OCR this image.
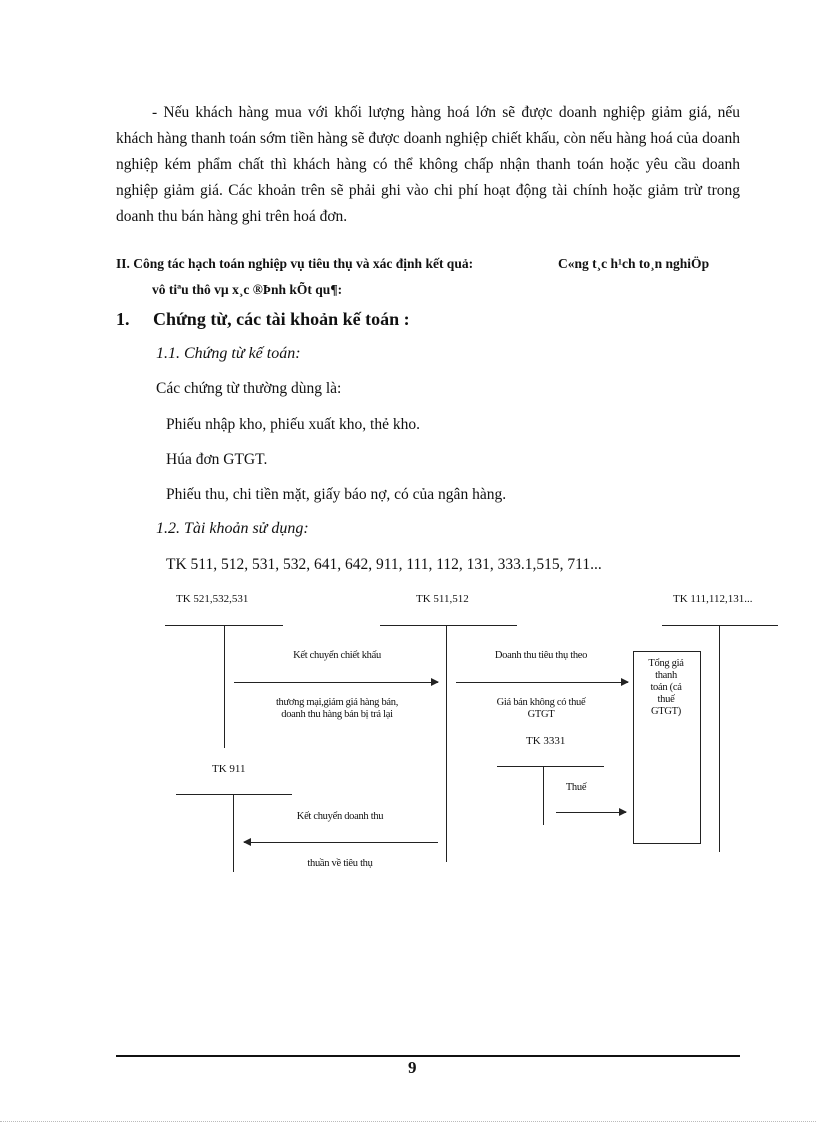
- Nếu khách hàng mua với khối lượng hàng hoá lớn sẽ được doanh nghiệp giảm giá, nếu khách hàng thanh toán sớm tiền hàng sẽ được doanh nghiệp chiết khấu, còn nếu hàng hoá của doanh nghiệp kém phẩm chất thì khách hàng có thể không chấp nhận thanh toán hoặc yêu cầu doanh nghiệp giảm giá. Các khoản trên sẽ phải ghi vào chi phí hoạt động tài chính hoặc giảm trừ trong doanh thu bán hàng ghi trên hoá đơn.
II. Công tác hạch toán nghiệp vụ tiêu thụ và xác định kết quả:	C«ng t¸c h¹ch to¸n nghiÖp
vô tiªu thô vµ x¸c ®Þnh kÕt qu¶:
1. Chứng từ, các tài khoản kế toán :
1.1. Chứng từ kế toán:
Các chứng từ thường dùng là:
Phiếu nhập kho, phiếu xuất kho, thẻ kho.
Húa đơn GTGT.
Phiếu thu, chi tiền mặt, giấy báo nợ, có của ngân hàng.
1.2. Tài khoản sử dụng:
TK 511, 512, 531, 532, 641, 642, 911, 111, 112, 131, 333.1,515, 711...
TK 521,532,531	TK 511,512	TK 111,112,131...
TK 911
TK 3331
Tổng giá
thanh
toán (cả
thuế
GTGT)
Kết chuyển chiết khấu
thương mại,giảm giá hàng bán,
doanh thu hàng bán bị trả lại
Doanh thu tiêu thụ theo
Giá bán không có thuế
GTGT
Thuế
Kết chuyển doanh thu
thuần về tiêu thụ
9
